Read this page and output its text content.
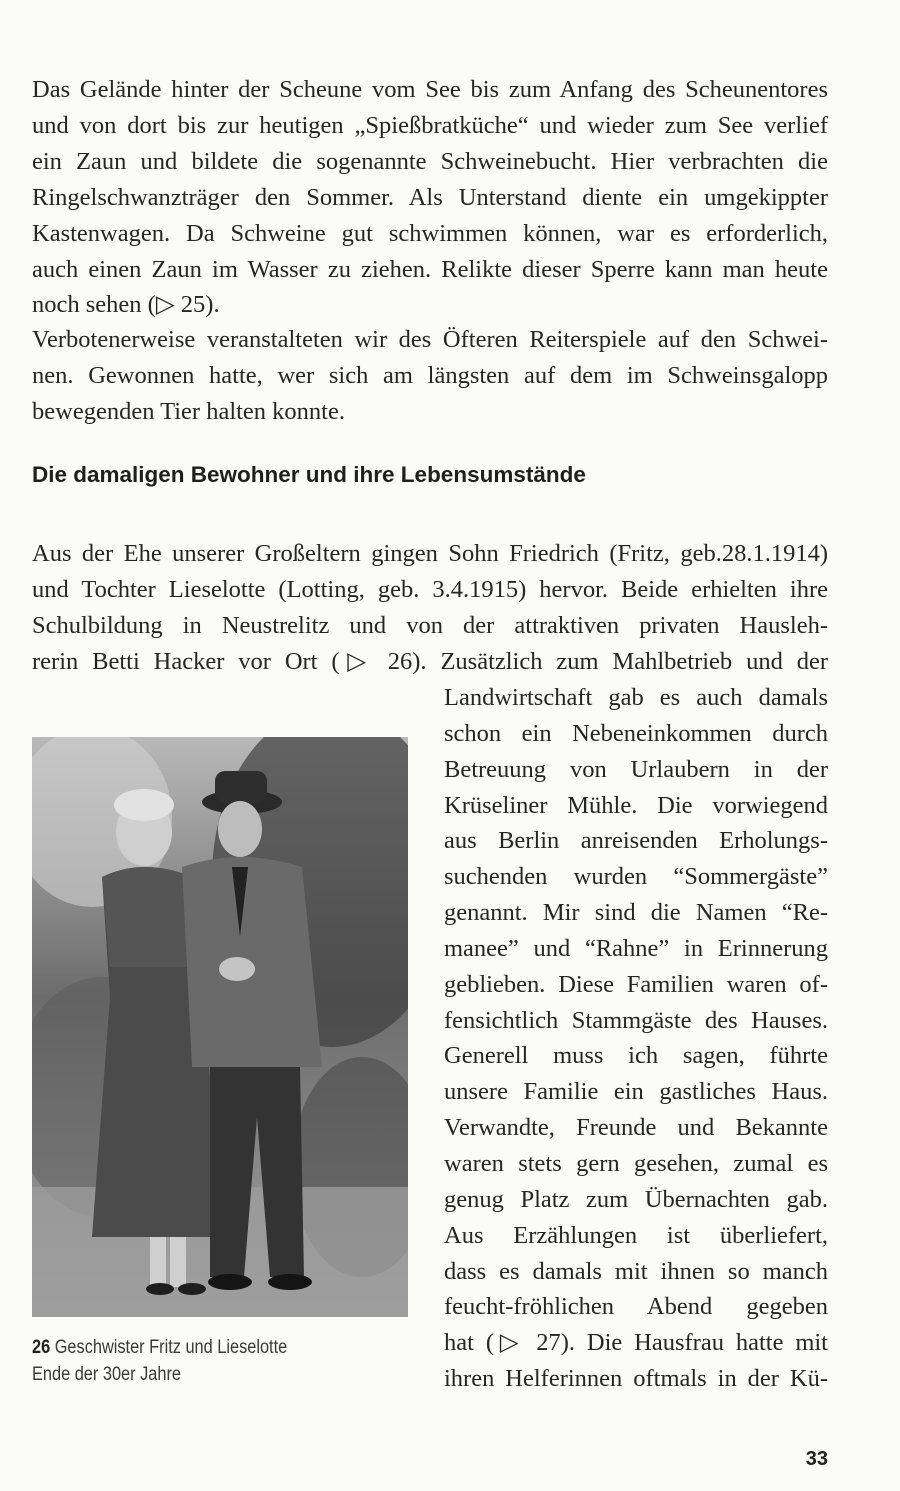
Das Gelände hinter der Scheune vom See bis zum Anfang des Scheunentores
und von dort bis zur heutigen „Spießbratküche“ und wieder zum See verlief
ein Zaun und bildete die sogenannte Schweinebucht. Hier verbrachten die
Ringelschwanzträger den Sommer. Als Unterstand diente ein umgekippter
Kastenwagen. Da Schweine gut schwimmen können, war es erforderlich,
auch einen Zaun im Wasser zu ziehen. Relikte dieser Sperre kann man heute
noch sehen (▷ 25).
Verbotenerweise veranstalteten wir des Öfteren Reiterspiele auf den Schwei-
nen. Gewonnen hatte, wer sich am längsten auf dem im Schweinsgalopp
bewegenden Tier halten konnte.
Die damaligen Bewohner und ihre Lebensumstände
Aus der Ehe unserer Großeltern gingen Sohn Friedrich (Fritz, geb.28.1.1914)
und Tochter Lieselotte (Lotting, geb. 3.4.1915) hervor. Beide erhielten ihre
Schulbildung in Neustrelitz und von der attraktiven privaten Hausleh-
rerin Betti Hacker vor Ort (▷ 26). Zusätzlich zum Mahlbetrieb und der
Landwirtschaft gab es auch damals
schon ein Nebeneinkommen durch
Betreuung von Urlaubern in der
Krüseliner Mühle. Die vorwiegend
aus Berlin anreisenden Erholungs-
suchenden wurden “Sommergäste”
genannt. Mir sind die Namen “Re-
manee” und “Rahne” in Erinnerung
geblieben. Diese Familien waren of-
fensichtlich Stammgäste des Hauses.
Generell muss ich sagen, führte
unsere Familie ein gastliches Haus.
Verwandte, Freunde und Bekannte
waren stets gern gesehen, zumal es
genug Platz zum Übernachten gab.
Aus Erzählungen ist überliefert,
dass es damals mit ihnen so manch
feucht-fröhlichen Abend gegeben
hat (▷ 27). Die Hausfrau hatte mit
ihren Helferinnen oftmals in der Kü-
26 Geschwister Fritz und Lieselotte
Ende der 30er Jahre
33
